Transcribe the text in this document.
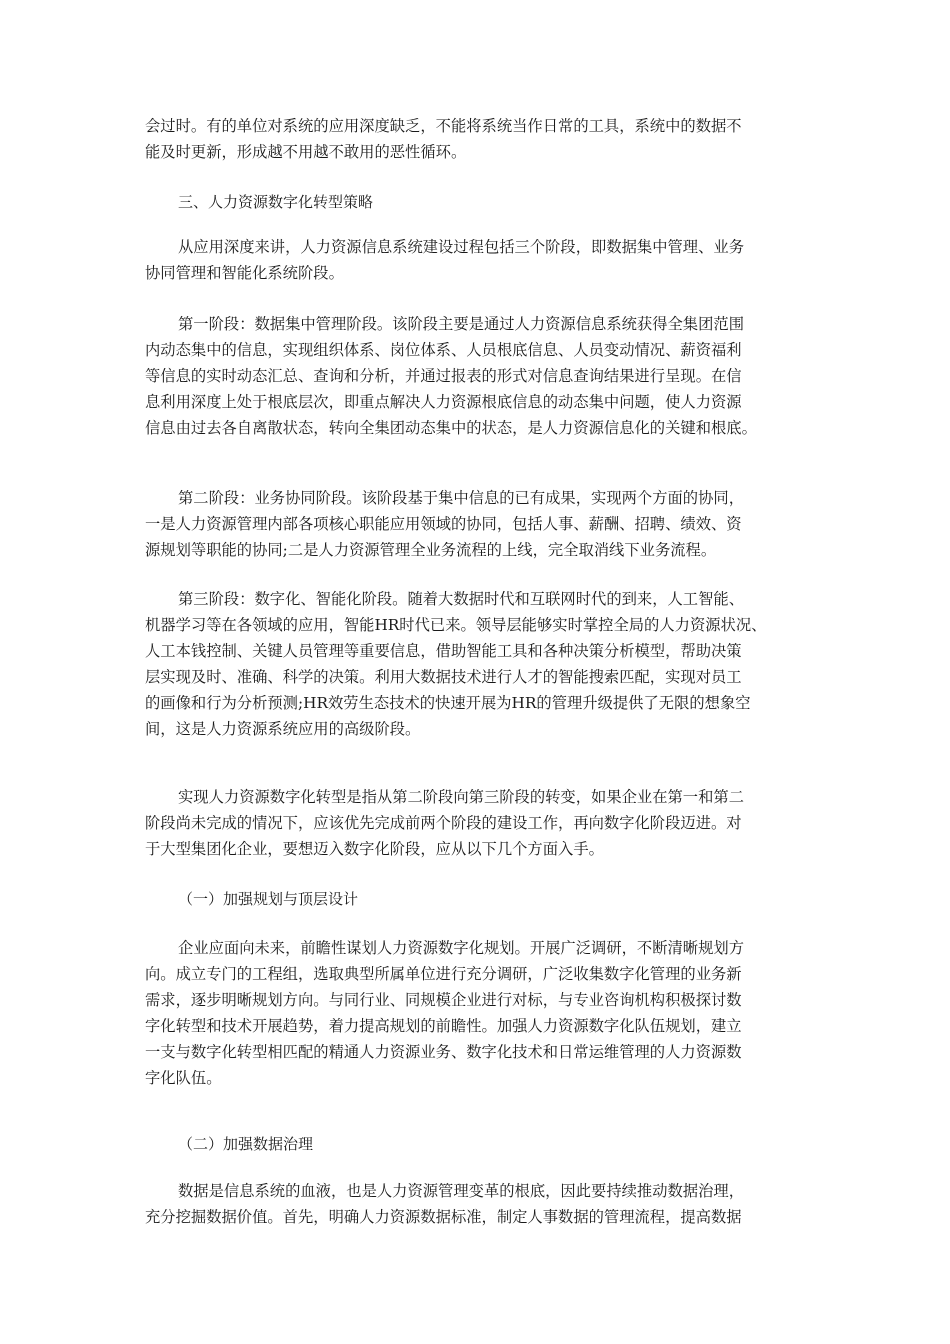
会过时。有的单位对系统的应用深度缺乏，不能将系统当作日常的工具，系统中的数据不
能及时更新，形成越不用越不敢用的恶性循环。
三、人力资源数字化转型策略
从应用深度来讲，人力资源信息系统建设过程包括三个阶段，即数据集中管理、业务
协同管理和智能化系统阶段。
第一阶段：数据集中管理阶段。该阶段主要是通过人力资源信息系统获得全集团范围
内动态集中的信息，实现组织体系、岗位体系、人员根底信息、人员变动情况、薪资福利
等信息的实时动态汇总、查询和分析，并通过报表的形式对信息查询结果进行呈现。在信
息利用深度上处于根底层次，即重点解决人力资源根底信息的动态集中问题，使人力资源
信息由过去各自离散状态，转向全集团动态集中的状态，是人力资源信息化的关键和根底。
第二阶段：业务协同阶段。该阶段基于集中信息的已有成果，实现两个方面的协同，
一是人力资源管理内部各项核心职能应用领域的协同，包括人事、薪酬、招聘、绩效、资
源规划等职能的协同;二是人力资源管理全业务流程的上线，完全取消线下业务流程。
第三阶段：数字化、智能化阶段。随着大数据时代和互联网时代的到来，人工智能、
机器学习等在各领域的应用，智能HR时代已来。领导层能够实时掌控全局的人力资源状况、
人工本钱控制、关键人员管理等重要信息，借助智能工具和各种决策分析模型，帮助决策
层实现及时、准确、科学的决策。利用大数据技术进行人才的智能搜索匹配，实现对员工
的画像和行为分析预测;HR效劳生态技术的快速开展为HR的管理升级提供了无限的想象空
间，这是人力资源系统应用的高级阶段。
实现人力资源数字化转型是指从第二阶段向第三阶段的转变，如果企业在第一和第二
阶段尚未完成的情况下，应该优先完成前两个阶段的建设工作，再向数字化阶段迈进。对
于大型集团化企业，要想迈入数字化阶段，应从以下几个方面入手。
（一）加强规划与顶层设计
企业应面向未来，前瞻性谋划人力资源数字化规划。开展广泛调研，不断清晰规划方
向。成立专门的工程组，选取典型所属单位进行充分调研，广泛收集数字化管理的业务新
需求，逐步明晰规划方向。与同行业、同规模企业进行对标，与专业咨询机构积极探讨数
字化转型和技术开展趋势，着力提高规划的前瞻性。加强人力资源数字化队伍规划，建立
一支与数字化转型相匹配的精通人力资源业务、数字化技术和日常运维管理的人力资源数
字化队伍。
（二）加强数据治理
数据是信息系统的血液，也是人力资源管理变革的根底，因此要持续推动数据治理，
充分挖掘数据价值。首先，明确人力资源数据标准，制定人事数据的管理流程，提高数据
